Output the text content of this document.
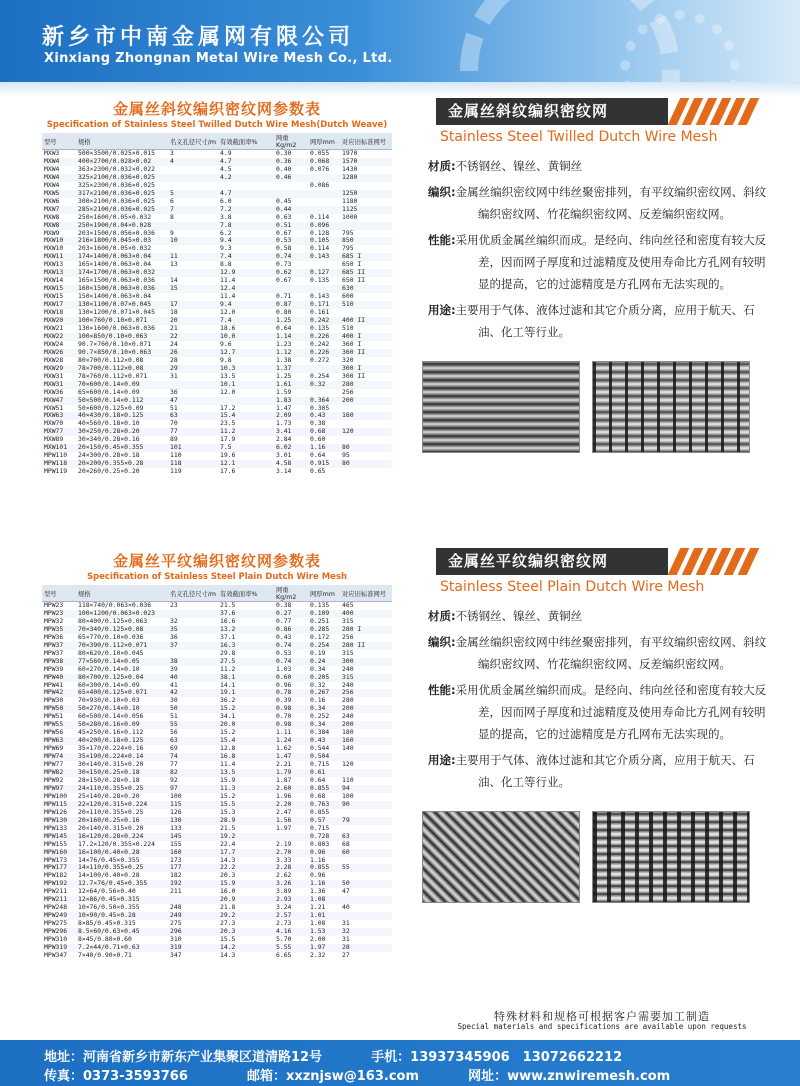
新乡市中南金属网有限公司
Xinxiang Zhongnan Metal Wire Mesh Co., Ltd.
金属丝斜纹编织密纹网参数表
Specification of Stainless Steel Twilled Dutch Wire Mesh(Dutch Weave)
型号	规格	名义孔径尺寸/m	有效截面率%	网重Kg/m2	网厚mm	对应旧标准网号
MXW3	500×3500/0.025×0.015	3	4.9	0.30	0.055	1970
MXW4	400×2700/0.028×0.02	4	4.7	0.36	0.068	1570
MXW4	363×2300/0.032×0.022		4.5	0.40	0.076	1430
MXW4	325×2100/0.036×0.025		4.2	0.46		1280
MXW4	325×2300/0.036×0.025				0.086	
MXW5	317×2100/0.036×0.025	5	4.7			1250
MXW6	300×2100/0.036×0.025	6	6.0	0.45		1180
MXW7	285×2100/0.036×0.025	7	7.2	0.44		1125
MXW8	250×1600/0.05×0.032	8	3.8	0.63	0.114	1000
MXW8	250×1900/0.04×0.028		7.8	0.51	0.096	
MXW9	203×1500/0.056×0.036	9	6.2	0.67	0.128	795
MXW10	216×1800/0.045×0.03	10	9.4	0.53	0.105	850
MXW10	203×1600/0.05×0.032		9.3	0.58	0.114	795
MXW11	174×1400/0.063×0.04	11	7.4	0.74	0.143	685 I
MXW13	165×1400/0.063×0.04	13	8.8	0.73		650 I
MXW13	174×1700/0.063×0.032		12.9	0.62	0.127	685 II
MXW14	165×1500/0.063×0.036	14	11.4	0.67	0.135	650 II
MXW15	160×1500/0.063×0.036	15	12.4			630
MXW15	150×1400/0.063×0.04		11.4	0.71	0.143	600
MXW17	130×1100/0.07×0.045	17	9.4	0.87	0.171	510
MXW18	130×1200/0.071×0.045	18	12.0	0.80	0.161	
MXW20	100×760/0.10×0.071	20	7.4	1.25	0.242	400 II
MXW21	130×1600/0.063×0.036	21	18.6	0.64	0.135	510
MXW22	100×850/0.10×0.063	22	10.0	1.14	0.226	400 I
MXW24	90.7×760/0.10×0.071	24	9.6	1.23	0.242	360 I
MXW26	90.7×850/0.10×0.063	26	12.7	1.12	0.226	360 II
MXW28	80×700/0.112×0.08	28	9.8	1.38	0.272	320
MXW29	78×700/0.112×0.08	29	10.3	1.37		300 I
MXW31	78×760/0.112×0.071	31	13.5	1.25	0.254	300 II
MXW31	70×600/0.14×0.09		10.1	1.61	0.32	280
MXW36	65×600/0.14×0.09	36	12.0	1.59		256
MXW47	50×500/0.14×0.112	47		1.83	0.364	200
MXW51	50×600/0.125×0.09	51	17.2	1.47	0.305	
MXW63	40×430/0.18×0.125	63	15.4	2.09	0.43	160
MXW70	40×560/0.18×0.10	70	23.5	1.73	0.38	
MXW77	30×250/0.28×0.20	77	11.2	3.41	0.68	120
MXW89	30×340/0.28×0.16	89	17.9	2.84	0.60	
MXW101	20×150/0.45×0.355	101	7.5	6.02	1.16	80
MPW110	24×300/0.28×0.18	110	19.6	3.01	0.64	95
MPW118	20×200/0.355×0.28	118	12.1	4.58	0.915	80
MPW119	20×260/0.25×0.20	119	17.6	3.14	0.65	
金属丝平纹编织密纹网参数表
Specification of Stainless Steel Plain Dutch Wire Mesh
型号	规格	名义孔径尺寸/m	有效截面率%	网重Kg/m2	网厚mm	对应旧标准网号
MPW23	118×740/0.063×0.036	23	21.5	0.38	0.135	465
MPW23	100×1200/0.063×0.023		37.6	0.27	0.109	400
MPW32	80×400/0.125×0.063	32	16.6	0.77	0.251	315
MPW35	70×340/0.125×0.08	35	13.2	0.86	0.285	280 I
MPW36	65×770/0.10×0.036	36	37.1	0.43	0.172	256
MPW37	70×390/0.112×0.071	37	16.3	0.74	0.254	280 II
MPW37	80×620/0.10×0.045		29.8	0.53	0.19	315
MPW38	77×560/0.14×0.05	38	27.5	0.74	0.24	300
MPW39	60×270/0.14×0.10	39	11.2	1.03	0.34	240
MPW40	80×700/0.125×0.04	40	38.1	0.60	0.205	315
MPW41	60×300/0.14×0.09	41	14.1	0.96	0.32	240
MPW42	65×400/0.125×0.071	42	19.1	0.78	0.267	256
MPW30	70×930/0.10×0.03	30	36.2	0.39	0.16	280
MPW50	50×270/0.14×0.10	50	15.2	0.98	0.34	200
MPW51	60×500/0.14×0.056	51	34.1	0.70	0.252	240
MPW55	50×280/0.16×0.09	55	20.0	0.98	0.34	200
MPW56	45×250/0.16×0.112	56	15.2	1.11	0.384	180
MPW63	40×200/0.18×0.125	63	15.4	1.24	0.43	160
MPW69	35×170/0.224×0.16	69	12.8	1.62	0.544	140
MPW74	35×190/0.224×0.14	74	16.8	1.47	0.504	
MPW77	30×140/0.315×0.20	77	11.4	2.21	0.715	120
MPW82	30×150/0.25×0.18	82	13.5	1.79	0.61	
MPW92	28×150/0.28×0.18	92	15.9	1.87	0.64	110
MPW97	24×110/0.355×0.25	97	11.3	2.60	0.855	94
MPW100	25×140/0.28×0.20	100	15.2	1.96	0.68	100
MPW115	22×120/0.315×0.224	115	15.5	2.20	0.763	90
MPW126	20×110/0.355×0.25	126	15.3	2.47	0.855	
MPW130	20×160/0.25×0.16	130	28.9	1.56	0.57	79
MPW133	20×140/0.315×0.20	133	21.5	1.97	0.715	
MPW145	16×120/0.28×0.224	145	19.2		0.728	63
MPW155	17.2×120/0.355×0.224	155	22.4	2.19	0.803	68
MPW160	16×100/0.40×0.28	160	17.7	2.70	0.96	60
MPW173	14×76/0.45×0.355	173	14.3	3.33	1.16	
MPW177	14×110/0.355×0.25	177	22.2	2.28	0.855	55
MPW182	14×100/0.40×0.28	182	20.3	2.62	0.96	
MPW192	12.7×76/0.45×0.355	192	15.9	3.26	1.16	50
MPW211	12×64/0.56×0.40	211	16.0	3.89	1.36	47
MPW211	12×86/0.45×0.315		20.9	2.93	1.08	
MPW248	10×76/0.50×0.355	248	21.8	3.24	1.21	40
MPW249	10×90/0.45×0.28	249	29.2	2.57	1.01	
MPW275	8×85/0.45×0.315	275	27.3	2.73	1.08	31
MPW296	8.5×60/0.63×0.45	296	20.3	4.16	1.53	32
MPW310	8×45/0.80×0.60	310	15.5	5.70	2.00	31
MPW319	7.2×44/0.71×0.63	319	14.2	5.55	1.97	28
MPW347	7×40/0.90×0.71	347	14.3	6.65	2.32	27
金属丝斜纹编织密纹网
Stainless Steel Twilled Dutch Wire Mesh
材质:不锈钢丝、镍丝、黄铜丝
编织:金属丝编织密纹网中纬丝聚密排列，有平纹编织密纹网、斜纹编织密纹网、竹花编织密纹网、反差编织密纹网。
性能:采用优质金属丝编织而成。是经向、纬向丝径和密度有较大反差，因而网子厚度和过滤精度及使用寿命比方孔网有较明显的提高，它的过滤精度是方孔网布无法实现的。
用途:主要用于气体、液体过滤和其它介质分离，应用于航天、石油、化工等行业。
金属丝平纹编织密纹网
Stainless Steel Plain Dutch Wire Mesh
材质:不锈钢丝、镍丝、黄铜丝
编织:金属丝编织密纹网中纬丝聚密排列，有平纹编织密纹网、斜纹编织密纹网、竹花编织密纹网、反差编织密纹网。
性能:采用优质金属丝编织而成。是经向、纬向丝径和密度有较大反差，因而网子厚度和过滤精度及使用寿命比方孔网有较明显的提高，它的过滤精度是方孔网布无法实现的。
用途:主要用于气体、液体过滤和其它介质分离，应用于航天、石油、化工等行业。
特殊材料和规格可根据客户需要加工制造
Special materials and specifications are available upon requests
地址：河南省新乡市新东产业集聚区道清路12号	手机：13937345906　13072662212
传真：0373-3593766	邮箱：xxznjsw@163.com	网址：www.znwiremesh.com
